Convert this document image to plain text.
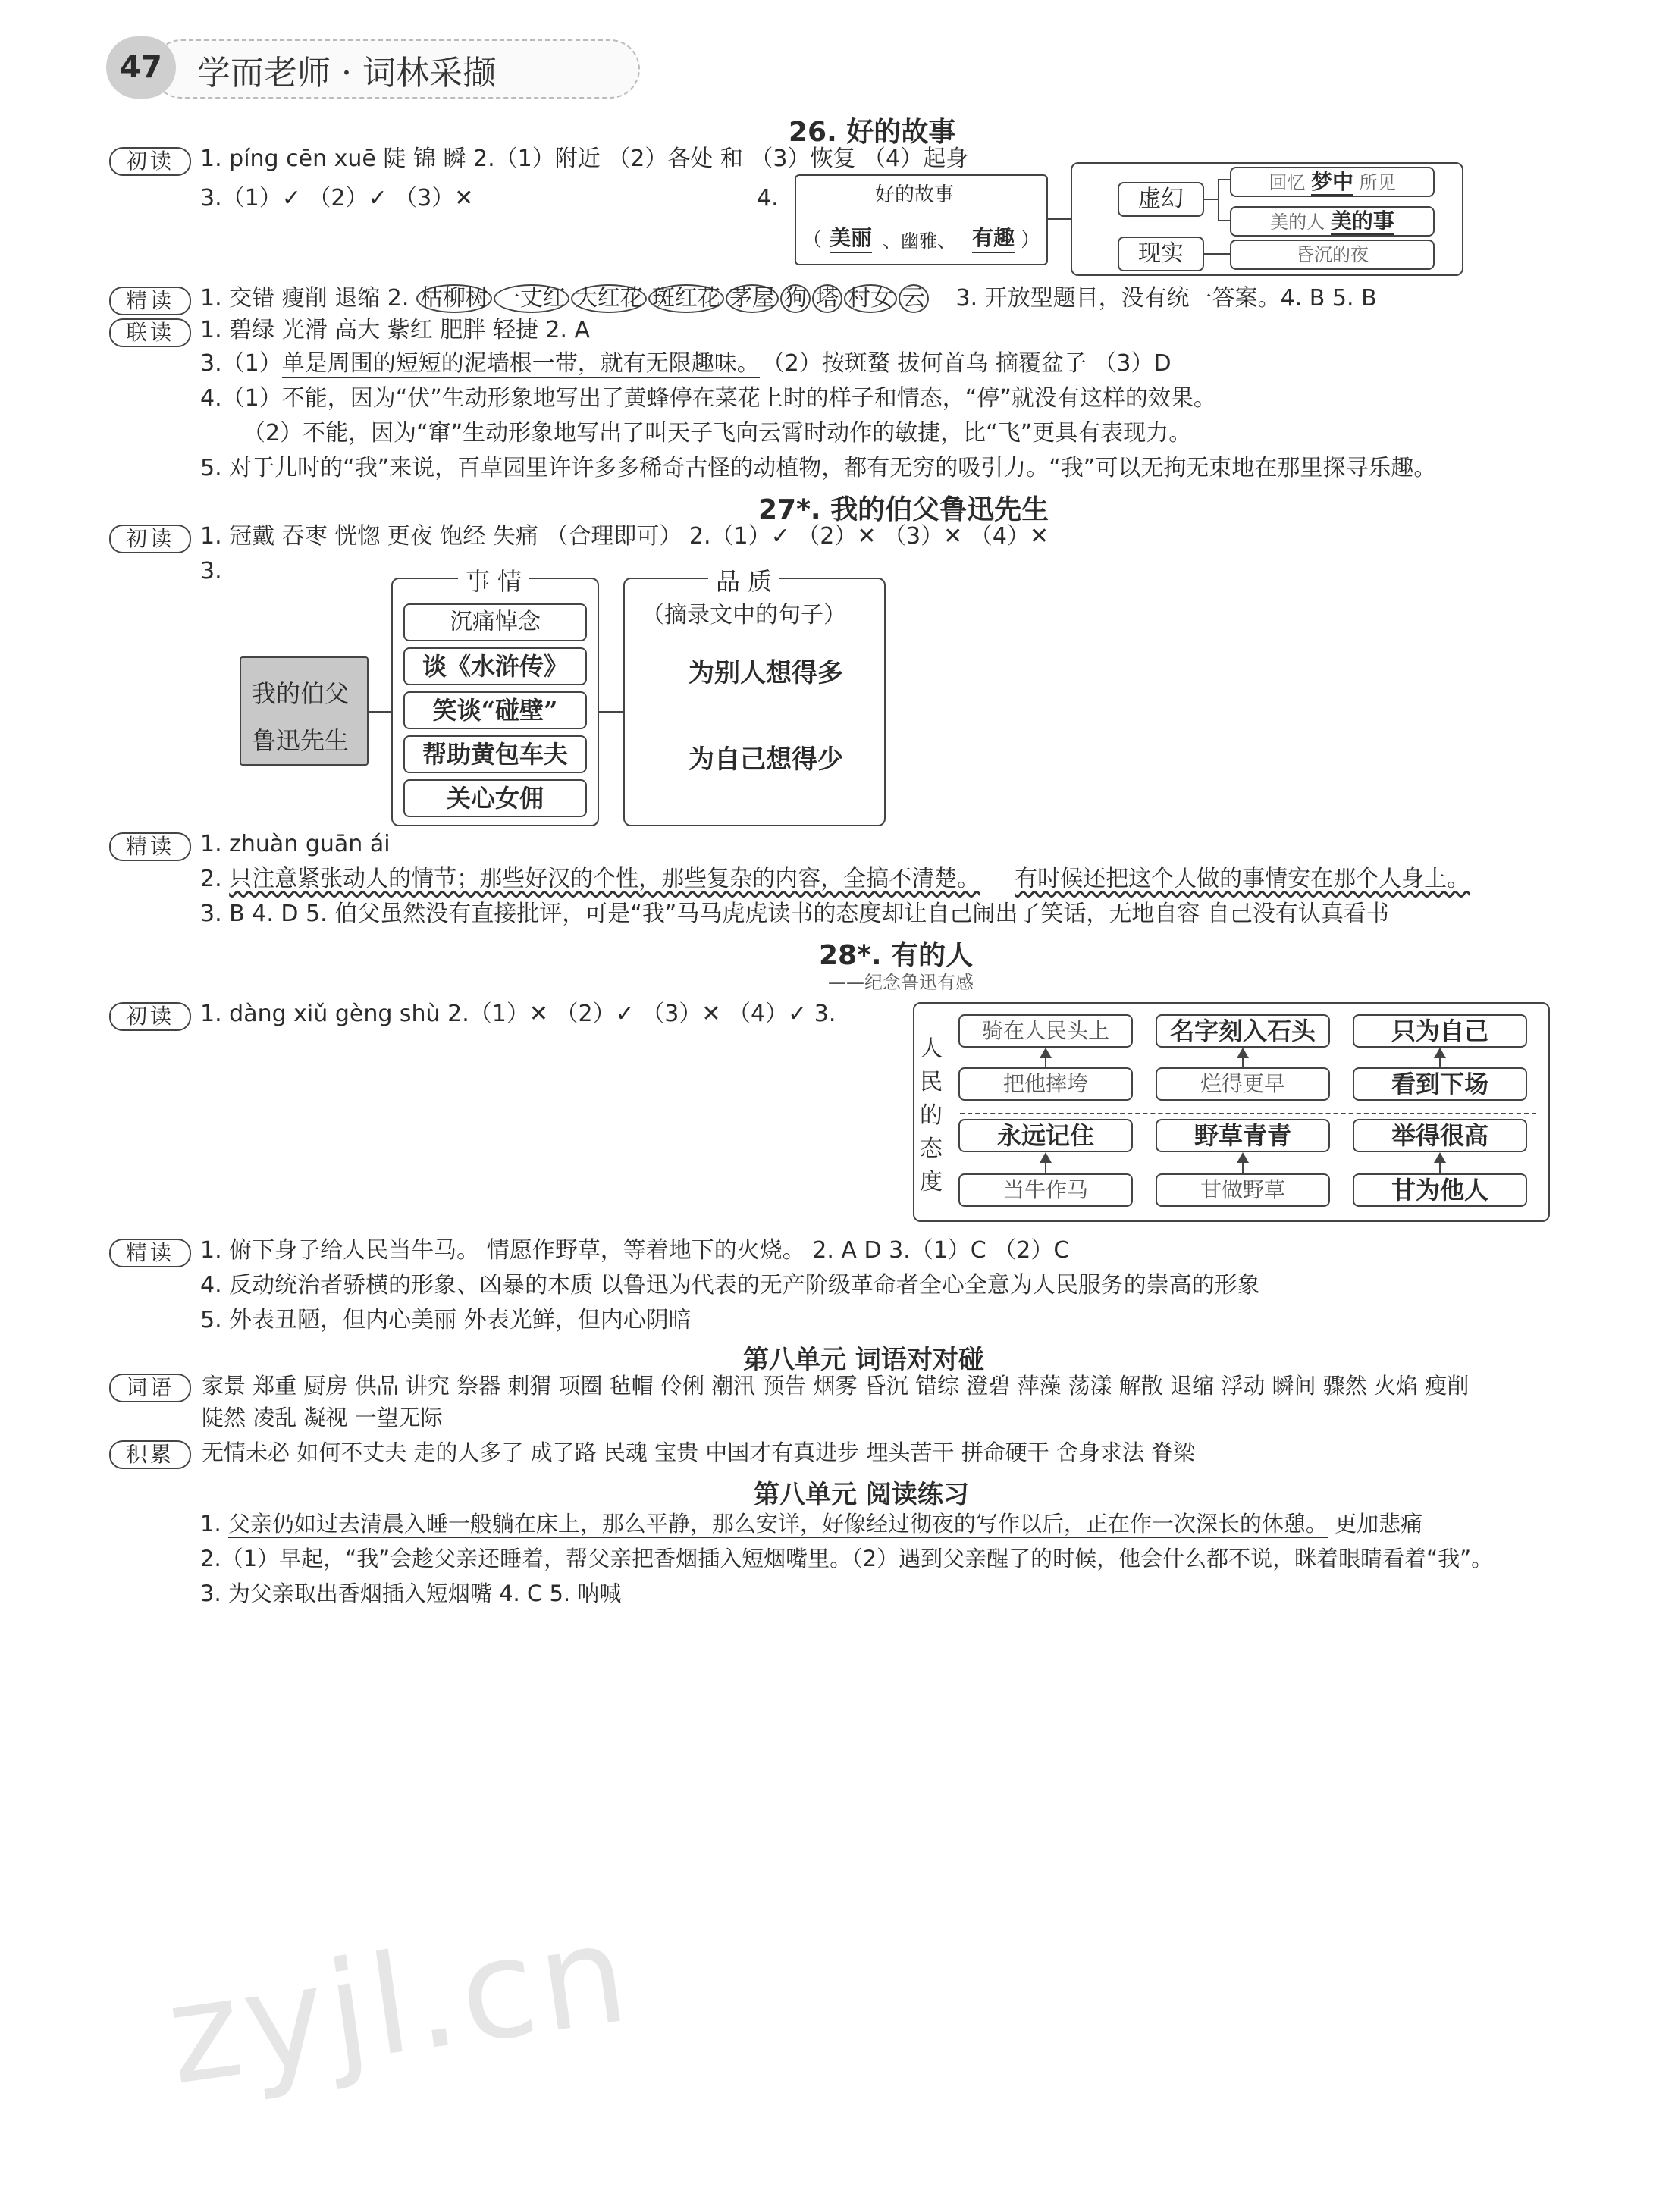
47	学而老师 · 词林采撷
26. 好的故事
初读	1. píng cēn xuē 陡 锦 瞬 2.（1）附近 （2）各处 和 （3）恢复 （4）起身
3.（1）✓ （2）✓ （3）✕	4.	好的故事
（ 美丽 、幽雅、 有趣 ）
虚幻
现实
回忆 梦中 所见
美的人 美的事
昏沉的夜
精读	1. 交错 瘦削 退缩 2. 枯柳树 一丈红 大红花 斑红花 茅屋 狗 塔 村女 云 3. 开放型题目，没有统一答案。4. B 5. B
联读	1. 碧绿 光滑 高大 紫红 肥胖 轻捷 2. A
3.（1）单是周围的短短的泥墙根一带，就有无限趣味。 （2）按斑蝥 拔何首乌 摘覆盆子 （3）D
4.（1）不能，因为“伏”生动形象地写出了黄蜂停在菜花上时的样子和情态，“停”就没有这样的效果。
（2）不能，因为“窜”生动形象地写出了叫天子飞向云霄时动作的敏捷，比“飞”更具有表现力。
5. 对于儿时的“我”来说，百草园里许许多多稀奇古怪的动植物，都有无穷的吸引力。“我”可以无拘无束地在那里探寻乐趣。
27*. 我的伯父鲁迅先生
初读	1. 冠戴 吞枣 恍惚 更夜 饱经 失痛 （合理即可） 2.（1）✓ （2）✕ （3）✕ （4）✕
3.
我的伯父
鲁迅先生
事 情
沉痛悼念
谈《水浒传》
笑谈“碰壁”
帮助黄包车夫
关心女佣
品 质
（摘录文中的句子）
为别人想得多
为自己想得少
精读	1. zhuàn guān ái
2. 只注意紧张动人的情节；那些好汉的个性，那些复杂的内容，全搞不清楚。 有时候还把这个人做的事情安在那个人身上。
3. B 4. D 5. 伯父虽然没有直接批评，可是“我”马马虎虎读书的态度却让自己闹出了笑话，无地自容 自己没有认真看书
28*. 有的人
——纪念鲁迅有感
初读	1. dàng xiǔ gèng shù 2.（1）✕ （2）✓ （3）✕ （4）✓ 3.
人
民
的
态
度
骑在人民头上	名字刻入石头	只为自己
把他摔垮	烂得更早	看到下场
永远记住	野草青青	举得很高
当牛作马	甘做野草	甘为他人
精读	1. 俯下身子给人民当牛马。 情愿作野草，等着地下的火烧。 2. A D 3.（1）C （2）C
4. 反动统治者骄横的形象、凶暴的本质 以鲁迅为代表的无产阶级革命者全心全意为人民服务的崇高的形象
5. 外表丑陋，但内心美丽 外表光鲜，但内心阴暗
第八单元 词语对对碰
词语	家景 郑重 厨房 供品 讲究 祭器 刺猬 项圈 毡帽 伶俐 潮汛 预告 烟雾 昏沉 错综 澄碧 萍藻 荡漾 解散 退缩 浮动 瞬间 骤然 火焰 瘦削
陡然 凌乱 凝视 一望无际
积累	无情未必 如何不丈夫 走的人多了 成了路 民魂 宝贵 中国才有真进步 埋头苦干 拼命硬干 舍身求法 脊梁
第八单元 阅读练习
1. 父亲仍如过去清晨入睡一般躺在床上，那么平静，那么安详，好像经过彻夜的写作以后，正在作一次深长的休憩。 更加悲痛
2.（1）早起，“我”会趁父亲还睡着，帮父亲把香烟插入短烟嘴里。（2）遇到父亲醒了的时候，他会什么都不说，眯着眼睛看着“我”。
3. 为父亲取出香烟插入短烟嘴 4. C 5. 呐喊
zyjl.cn
